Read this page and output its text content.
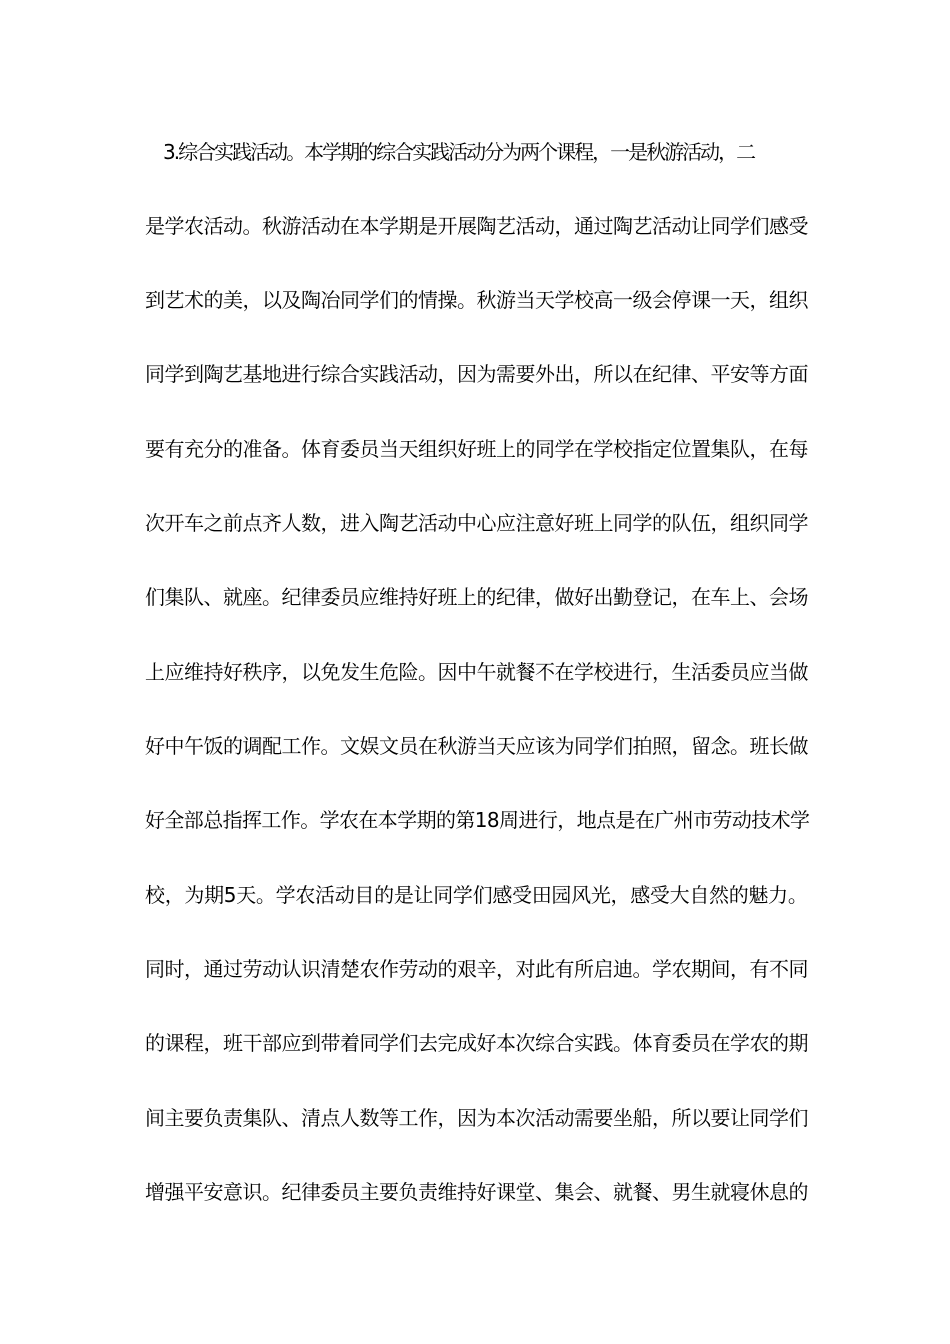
3.综合实践活动。本学期的综合实践活动分为两个课程，一是秋游活动，二
是学农活动。秋游活动在本学期是开展陶艺活动，通过陶艺活动让同学们感受
到艺术的美，以及陶冶同学们的情操。秋游当天学校高一级会停课一天，组织
同学到陶艺基地进行综合实践活动，因为需要外出，所以在纪律、平安等方面
要有充分的准备。体育委员当天组织好班上的同学在学校指定位置集队，在每
次开车之前点齐人数，进入陶艺活动中心应注意好班上同学的队伍，组织同学
们集队、就座。纪律委员应维持好班上的纪律，做好出勤登记，在车上、会场
上应维持好秩序，以免发生危险。因中午就餐不在学校进行，生活委员应当做
好中午饭的调配工作。文娱文员在秋游当天应该为同学们拍照，留念。班长做
好全部总指挥工作。学农在本学期的第18周进行，地点是在广州市劳动技术学
校，为期5天。学农活动目的是让同学们感受田园风光，感受大自然的魅力。
同时，通过劳动认识清楚农作劳动的艰辛，对此有所启迪。学农期间，有不同
的课程，班干部应到带着同学们去完成好本次综合实践。体育委员在学农的期
间主要负责集队、清点人数等工作，因为本次活动需要坐船，所以要让同学们
增强平安意识。纪律委员主要负责维持好课堂、集会、就餐、男生就寝休息的
